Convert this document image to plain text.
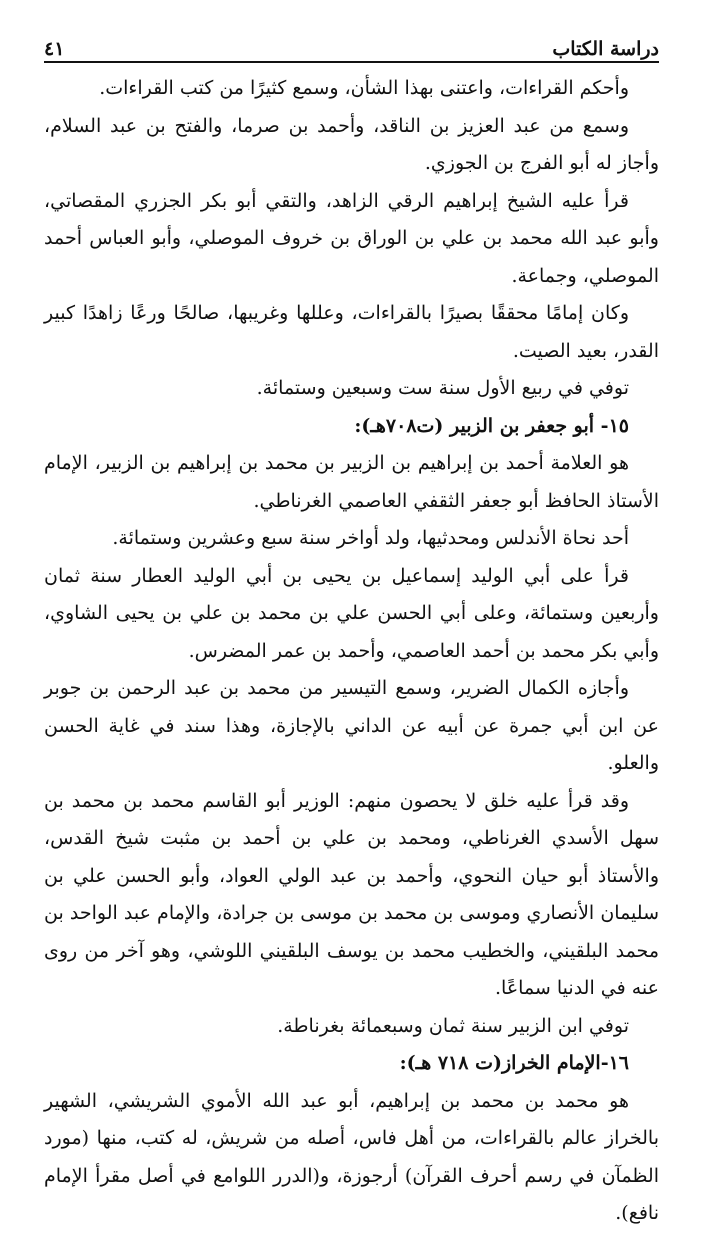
دراسة الكتاب
٤١

وأحكم القراءات، واعتنى بهذا الشأن، وسمع كثيرًا من كتب القراءات.

وسمع من عبد العزيز بن الناقد، وأحمد بن صرما، والفتح بن عبد السلام، وأجاز له أبو الفرج بن الجوزي.

قرأ عليه الشيخ إبراهيم الرقي الزاهد، والتقي أبو بكر الجزري المقصاتي، وأبو عبد الله محمد بن علي بن الوراق بن خروف الموصلي، وأبو العباس أحمد الموصلي، وجماعة.

وكان إمامًا محققًا بصيرًا بالقراءات، وعللها وغريبها، صالحًا ورعًا زاهدًا كبير القدر، بعيد الصيت.

توفي في ربيع الأول سنة ست وسبعين وستمائة.

١٥- أبو جعفر بن الزبير (ت٧٠٨هـ):

هو العلامة أحمد بن إبراهيم بن الزبير بن محمد بن إبراهيم بن الزبير، الإمام الأستاذ الحافظ أبو جعفر الثقفي العاصمي الغرناطي.

أحد نحاة الأندلس ومحدثيها، ولد أواخر سنة سبع وعشرين وستمائة.

قرأ على أبي الوليد إسماعيل بن يحيى بن أبي الوليد العطار سنة ثمان وأربعين وستمائة، وعلى أبي الحسن علي بن محمد بن علي بن يحيى الشاوي، وأبي بكر محمد بن أحمد العاصمي، وأحمد بن عمر المضرس.

وأجازه الكمال الضرير، وسمع التيسير من محمد بن عبد الرحمن بن جوبر عن ابن أبي جمرة عن أبيه عن الداني بالإجازة، وهذا سند في غاية الحسن والعلو.

وقد قرأ عليه خلق لا يحصون منهم: الوزير أبو القاسم محمد بن محمد بن سهل الأسدي الغرناطي، ومحمد بن علي بن أحمد بن مثبت شيخ القدس، والأستاذ أبو حيان النحوي، وأحمد بن عبد الولي العواد، وأبو الحسن علي بن سليمان الأنصاري وموسى بن محمد بن موسى بن جرادة، والإمام عبد الواحد بن محمد البلقيني، والخطيب محمد بن يوسف البلقيني اللوشي، وهو آخر من روى عنه في الدنيا سماعًا.

توفي ابن الزبير سنة ثمان وسبعمائة بغرناطة.

١٦-الإمام الخراز(ت ٧١٨ هـ):

هو محمد بن محمد بن إبراهيم، أبو عبد الله الأموي الشريشي، الشهير بالخراز عالم بالقراءات، من أهل فاس، أصله من شريش، له كتب، منها (مورد الظمآن في رسم أحرف القرآن) أرجوزة، و(الدرر اللوامع في أصل مقرأ الإمام نافع).
